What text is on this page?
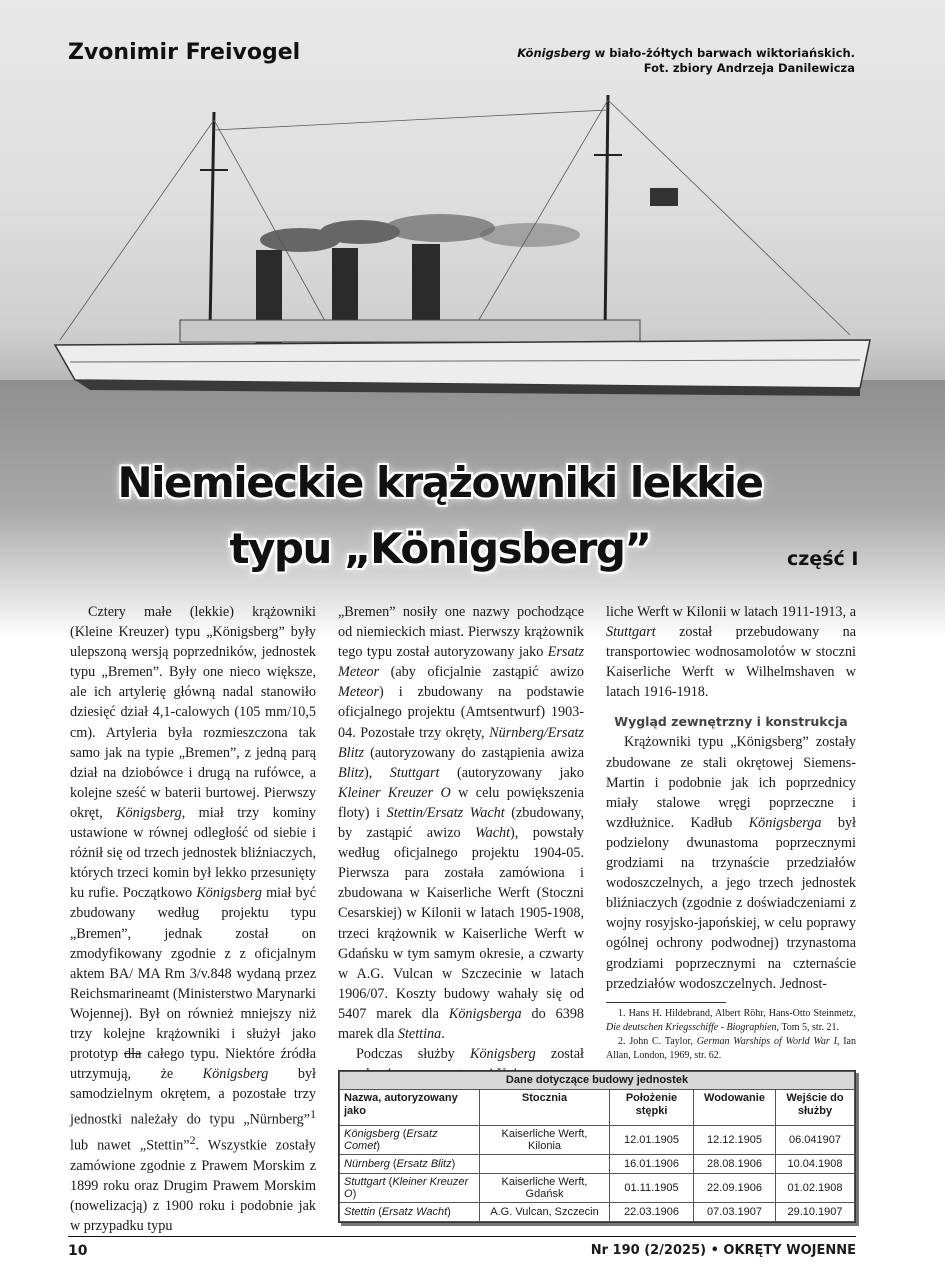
Zvonimir Freivogel	Königsberg w biało-żółtych barwach wiktoriańskich.
Fot. zbiory Andrzeja Danilewicza
Niemieckie krążowniki lekkie
typu „Königsberg”	część I

Cztery małe (lekkie) krążowniki (Kleine Kreuzer) typu „Königsberg” były ulepszoną wersją poprzedników, jednostek typu „Bremen”. Były one nieco większe, ale ich artylerię główną nadal stanowiło dziesięć dział 4,1-calowych (105 mm/10,5 cm). Artyleria była rozmieszczona tak samo jak na typie „Bremen”, z jedną parą dział na dziobówce i drugą na rufówce, a kolejne sześć w baterii burtowej. Pierwszy okręt, Königsberg, miał trzy kominy ustawione w równej odległość od siebie i różnił się od trzech jednostek bliźniaczych, których trzeci komin był lekko przesunięty ku rufie. Początkowo Königsberg miał być zbudowany według projektu typu „Bremen”, jednak został on zmodyfikowany zgodnie z z oficjalnym aktem BA/ MA Rm 3/v.848 wydaną przez Reichsmarineamt (Ministerstwo Marynarki Wojennej). Był on również mniejszy niż trzy kolejne krążowniki i służył jako prototyp dla całego typu. Niektóre źródła utrzymują, że Königsberg był samodzielnym okrętem, a pozostałe trzy jednostki należały do typu „Nürnberg”$^1$ lub nawet „Stettin”$^2$. Wszystkie zostały zamówione zgodnie z Prawem Morskim z 1899 roku oraz Drugim Prawem Morskim (nowelizacją) z 1900 roku i podobnie jak w przypadku typu

„Bremen” nosiły one nazwy pochodzące od niemieckich miast. Pierwszy krążownik tego typu został autoryzowany jako Ersatz Meteor (aby oficjalnie zastąpić awizo Meteor) i zbudowany na podstawie oficjalnego projektu (Amtsentwurf) 1903-04. Pozostałe trzy okręty, Nürnberg/Ersatz Blitz (autoryzowany do zastąpienia awiza Blitz), Stuttgart (autoryzowany jako Kleiner Kreuzer O w celu powiększenia floty) i Stettin/Ersatz Wacht (zbudowany, by zastąpić awizo Wacht), powstały według oficjalnego projektu 1904-05. Pierwsza para została zamówiona i zbudowana w Kaiserliche Werft (Stoczni Cesarskiej) w Kilonii w latach 1905-1908, trzeci krążownik w Kaiserliche Werft w Gdańsku w tym samym okresie, a czwarty w A.G. Vulcan w Szczecinie w latach 1906/07. Koszty budowy wahały się od 5407 marek dla Königsberga do 6398 marek dla Stettina.

Podczas służby Königsberg został

liche Werft w Kilonii w latach 1911-1913, a Stuttgart został przebudowany na transportowiec wodnosamolotów w stoczni Kaiserliche Werft w Wilhelmshaven w latach 1916-1918.

Wygląd zewnętrzny i konstrukcja

Krążowniki typu „Königsberg” zostały zbudowane ze stali okrętowej Siemens-Martin i podobnie jak ich poprzednicy miały stalowe wręgi poprzeczne i wzdłużnice. Kadłub Königsberga był podzielony dwunastoma poprzecznymi grodziami na trzynaście przedziałów wodoszczelnych, a jego trzech jednostek bliźniaczych (zgodnie z doświadczeniami z wojny rosyjsko-japońskiej, w celu poprawy ogólnej ochrony podwodnej) trzynastoma grodziami poprzecznymi na czternaście przedziałów wodoszczelnych. Jednost-

1. Hans H. Hildebrand, Albert Röhr, Hans-Otto Steinmetz, Die deutschen Kriegsschiffe - Biographien, Tom 5, str. 21.

2. John C. Taylor, German Warships of World War I, Ian Allan, London, 1969, str. 62.

Dane dotyczące budowy jednostek				
Nazwa, autoryzowany jako	Stocznia	Położenie stępki	Wodowanie	Wejście do służby
Königsberg (Ersatz Comet)	Kaiserliche Werft, Kilonia	12.01.1905	12.12.1905	06.041907
Nürnberg (Ersatz Blitz)		16.01.1906	28.08.1906	10.04.1908
Stuttgart (Kleiner Kreuzer O)	Kaiserliche Werft, Gdańsk	01.11.1905	22.09.1906	01.02.1908
Stettin (Ersatz Wacht)	A.G. Vulcan, Szczecin	22.03.1906	07.03.1907	29.10.1907
10	Nr 190 (2/2025) • OKRĘTY WOJENNE
